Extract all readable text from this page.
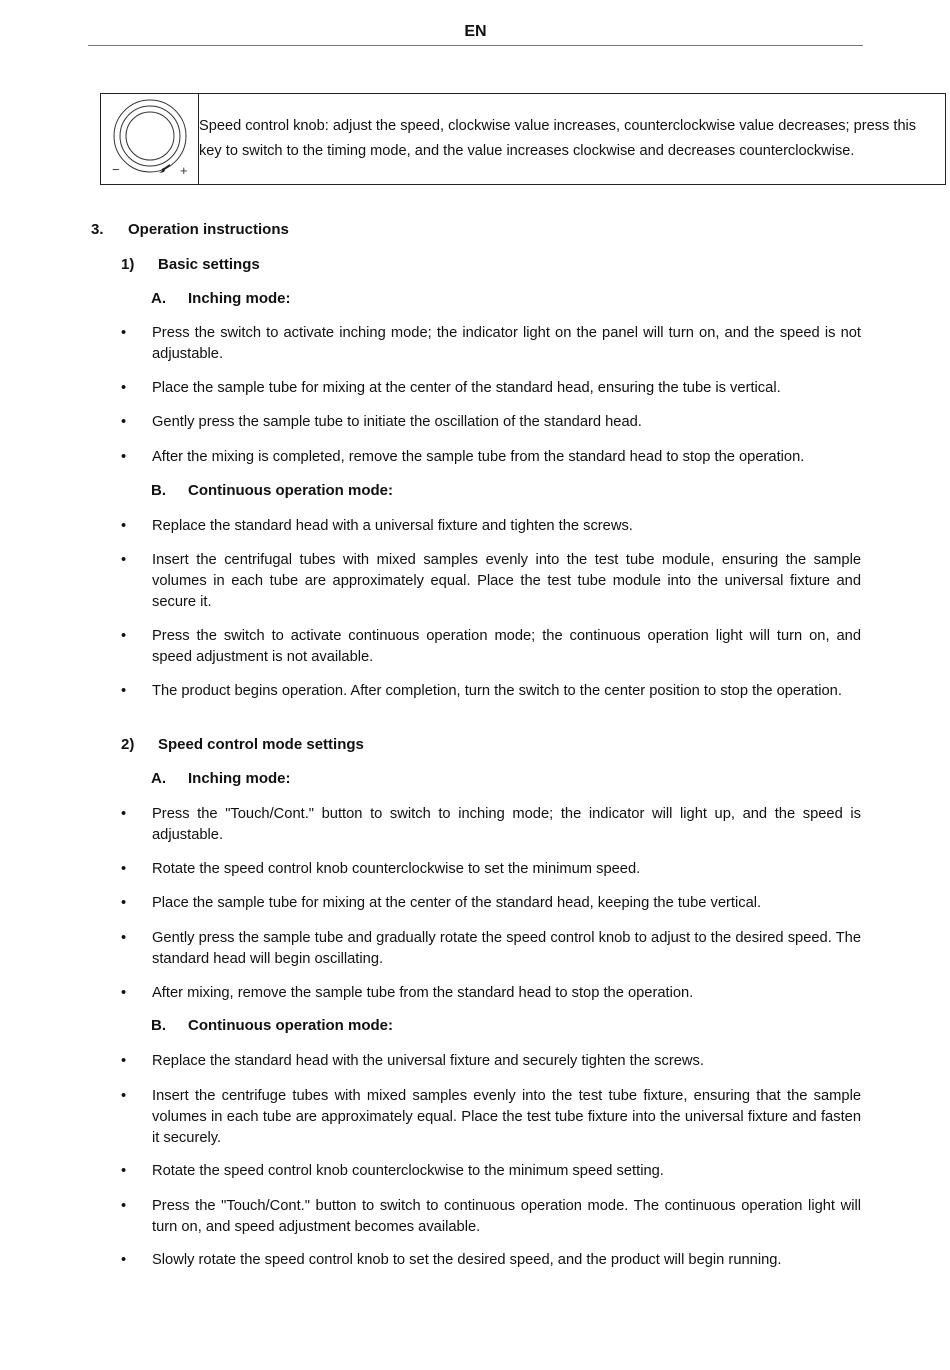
EN
−	+
Speed control knob: adjust the speed, clockwise value increases, counterclockwise value decreases; press this key to switch to the timing mode, and the value increases clockwise and decreases counterclockwise.
3. Operation instructions
1) Basic settings
A. Inching mode:
• Press the switch to activate inching mode; the indicator light on the panel will turn on, and the speed is not adjustable.
• Place the sample tube for mixing at the center of the standard head, ensuring the tube is vertical.
• Gently press the sample tube to initiate the oscillation of the standard head.
• After the mixing is completed, remove the sample tube from the standard head to stop the operation.
B. Continuous operation mode:
• Replace the standard head with a universal fixture and tighten the screws.
• Insert the centrifugal tubes with mixed samples evenly into the test tube module, ensuring the sample volumes in each tube are approximately equal. Place the test tube module into the universal fixture and secure it.
• Press the switch to activate continuous operation mode; the continuous operation light will turn on, and speed adjustment is not available.
• The product begins operation. After completion, turn the switch to the center position to stop the operation.
2) Speed control mode settings
A. Inching mode:
• Press the "Touch/Cont." button to switch to inching mode; the indicator will light up, and the speed is adjustable.
• Rotate the speed control knob counterclockwise to set the minimum speed.
• Place the sample tube for mixing at the center of the standard head, keeping the tube vertical.
• Gently press the sample tube and gradually rotate the speed control knob to adjust to the desired speed. The standard head will begin oscillating.
• After mixing, remove the sample tube from the standard head to stop the operation.
B. Continuous operation mode:
• Replace the standard head with the universal fixture and securely tighten the screws.
• Insert the centrifuge tubes with mixed samples evenly into the test tube fixture, ensuring that the sample volumes in each tube are approximately equal. Place the test tube fixture into the universal fixture and fasten it securely.
• Rotate the speed control knob counterclockwise to the minimum speed setting.
• Press the "Touch/Cont." button to switch to continuous operation mode. The continuous operation light will turn on, and speed adjustment becomes available.
• Slowly rotate the speed control knob to set the desired speed, and the product will begin running.
